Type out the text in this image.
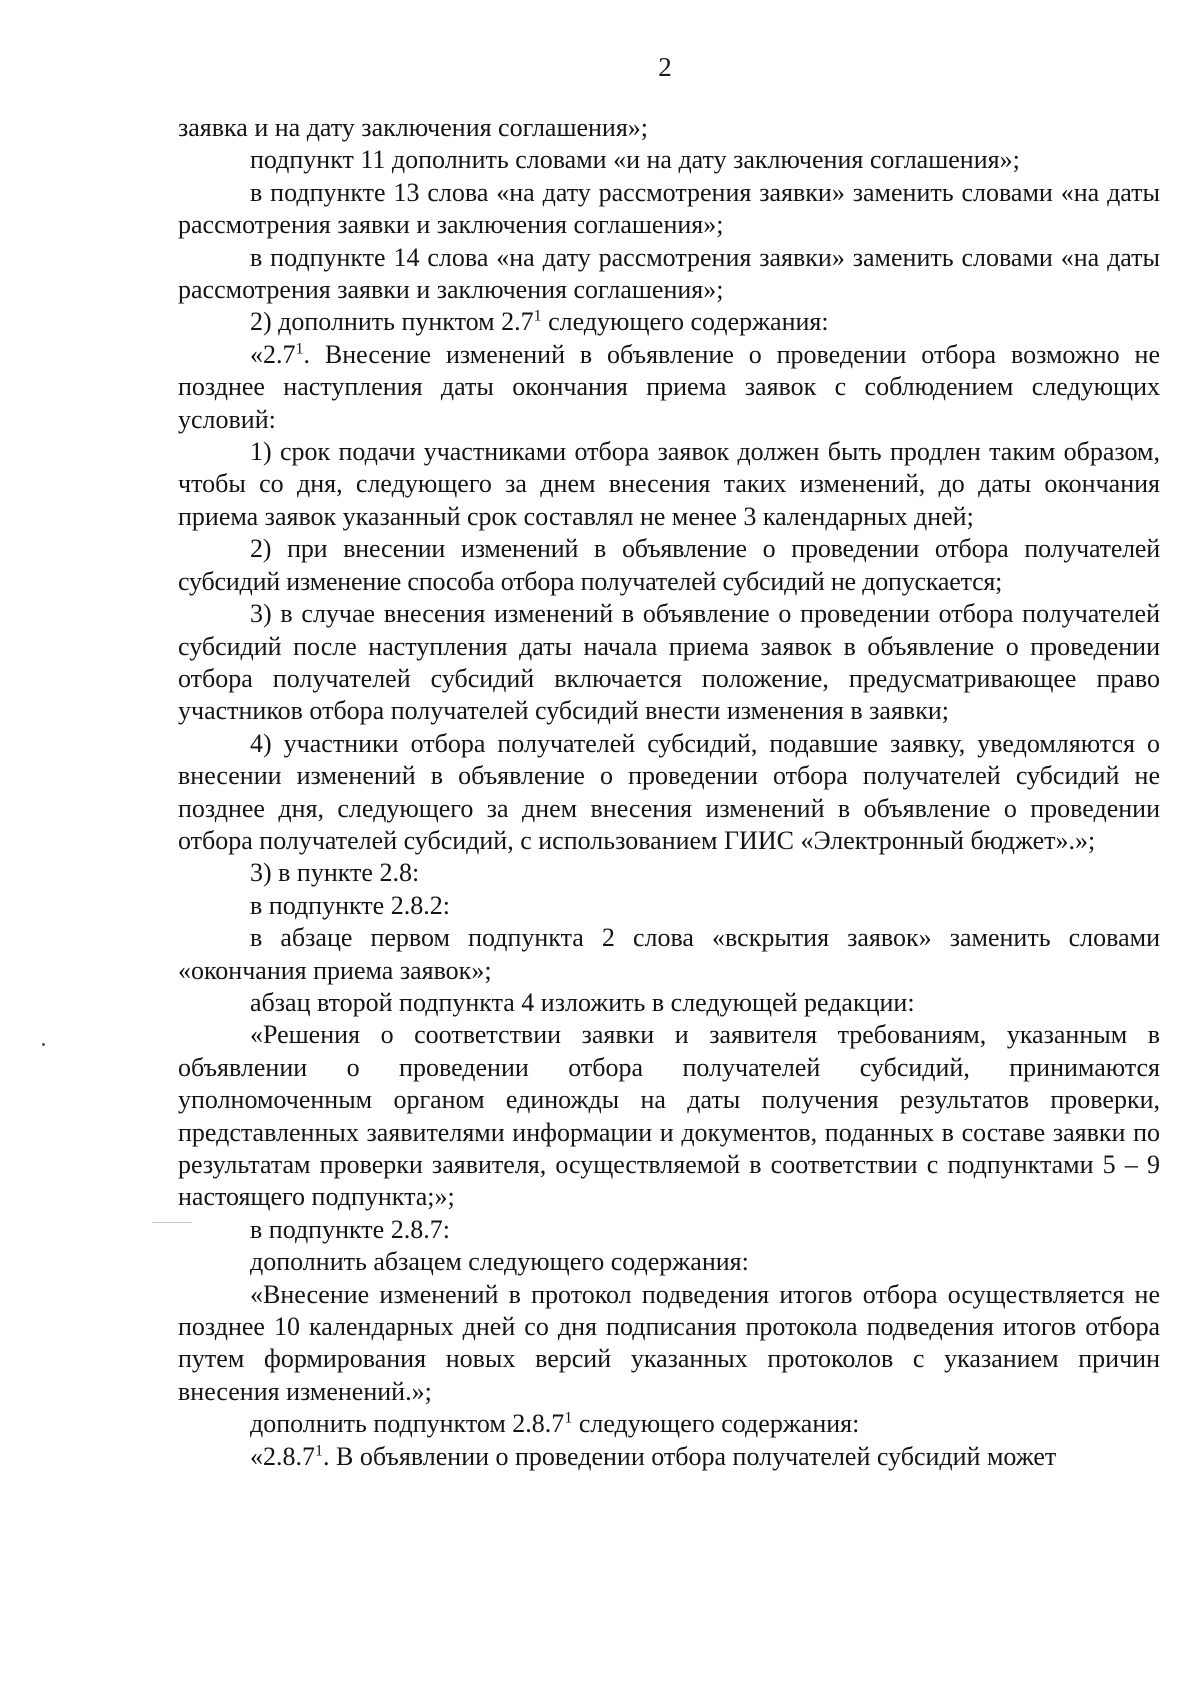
2

заявка и на дату заключения соглашения»;

подпункт 11 дополнить словами «и на дату заключения соглашения»;

в подпункте 13 слова «на дату рассмотрения заявки» заменить словами «на даты рассмотрения заявки и заключения соглашения»;

в подпункте 14 слова «на дату рассмотрения заявки» заменить словами «на даты рассмотрения заявки и заключения соглашения»;

2) дополнить пунктом $2.7^1$ следующего содержания:

«$2.7^1$. Внесение изменений в объявление о проведении отбора возможно не позднее наступления даты окончания приема заявок с соблюдением следующих условий:

1) срок подачи участниками отбора заявок должен быть продлен таким образом, чтобы со дня, следующего за днем внесения таких изменений, до даты окончания приема заявок указанный срок составлял не менее 3 календарных дней;

2) при внесении изменений в объявление о проведении отбора получателей субсидий изменение способа отбора получателей субсидий не допускается;

3) в случае внесения изменений в объявление о проведении отбора получателей субсидий после наступления даты начала приема заявок в объявление о проведении отбора получателей субсидий включается положение, предусматривающее право участников отбора получателей субсидий внести изменения в заявки;

4) участники отбора получателей субсидий, подавшие заявку, уведомляются о внесении изменений в объявление о проведении отбора получателей субсидий не позднее дня, следующего за днем внесения изменений в объявление о проведении отбора получателей субсидий, с использованием ГИИС «Электронный бюджет».»;

3) в пункте 2.8:

в подпункте 2.8.2:

в абзаце первом подпункта 2 слова «вскрытия заявок» заменить словами «окончания приема заявок»;

абзац второй подпункта 4 изложить в следующей редакции:

«Решения о соответствии заявки и заявителя требованиям, указанным в объявлении о проведении отбора получателей субсидий, принимаются уполномоченным органом единожды на даты получения результатов проверки, представленных заявителями информации и документов, поданных в составе заявки по результатам проверки заявителя, осуществляемой в соответствии с подпунктами 5 – 9 настоящего подпункта;»;

в подпункте 2.8.7:

дополнить абзацем следующего содержания:

«Внесение изменений в протокол подведения итогов отбора осуществляется не позднее 10 календарных дней со дня подписания протокола подведения итогов отбора путем формирования новых версий указанных протоколов с указанием причин внесения изменений.»;

дополнить подпунктом 2.8.7$^1$ следующего содержания:

«2.8.7$^1$. В объявлении о проведении отбора получателей субсидий может
